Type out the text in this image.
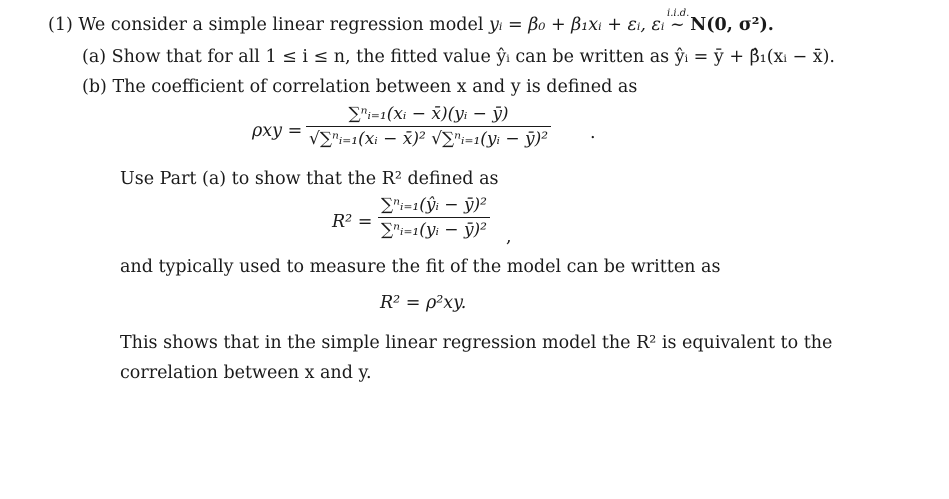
(1) We consider a simple linear regression model yᵢ = β₀ + β₁xᵢ + εᵢ, εᵢ
i.i.d.
~ N(0, σ²).
(a) Show that for all 1 ≤ i ≤ n, the fitted value ŷᵢ can be written as ŷᵢ = ȳ + β̂₁(xᵢ − x̄).
(b) The coefficient of correlation between x and y is defined as
ρxy =
∑ⁿᵢ₌₁(xᵢ − x̄)(yᵢ − ȳ)
√∑ⁿᵢ₌₁(xᵢ − x̄)² √∑ⁿᵢ₌₁(yᵢ − ȳ)² .
Use Part (a) to show that the R² defined as
R² =
∑ⁿᵢ₌₁(ŷᵢ − ȳ)²
∑ⁿᵢ₌₁(yᵢ − ȳ)² ,
and typically used to measure the fit of the model can be written as
R² = ρ²xy.
This shows that in the simple linear regression model the R² is equivalent to the
correlation between x and y.
